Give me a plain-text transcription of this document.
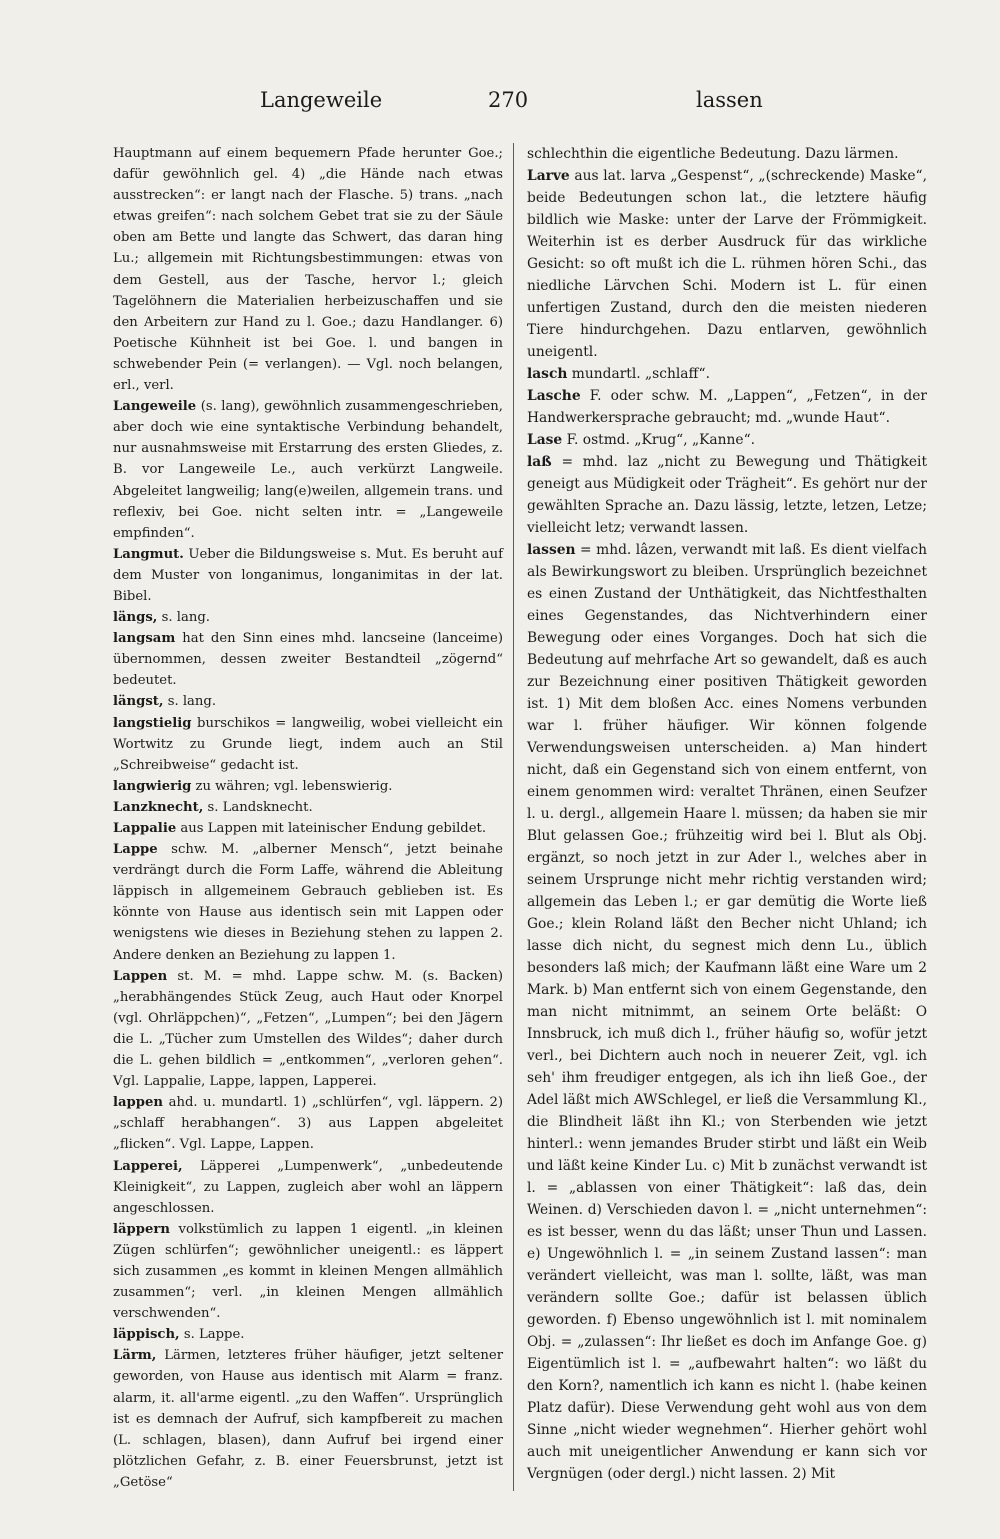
Langeweile	270	lassen

Hauptmann auf einem bequemern Pfade herunter Goe.; dafür gewöhnlich gel. 4) „die Hände nach etwas ausstrecken“: er langt nach der Flasche. 5) trans. „nach etwas greifen“: nach solchem Gebet trat sie zu der Säule oben am Bette und langte das Schwert, das daran hing Lu.; allgemein mit Richtungsbestimmungen: etwas von dem Gestell, aus der Tasche, hervor l.; gleich Tagelöhnern die Materialien herbeizuschaffen und sie den Arbeitern zur Hand zu l. Goe.; dazu Handlanger. 6) Poetische Kühnheit ist bei Goe. l. und bangen in schwebender Pein (= verlangen). — Vgl. noch belangen, erl., verl.

Langeweile (s. lang), gewöhnlich zusammengeschrieben, aber doch wie eine syntaktische Verbindung behandelt, nur ausnahmsweise mit Erstarrung des ersten Gliedes, z. B. vor Langeweile Le., auch verkürzt Langweile. Abgeleitet langweilig; lang(e)weilen, allgemein trans. und reflexiv, bei Goe. nicht selten intr. = „Langeweile empfinden“.

Langmut. Ueber die Bildungsweise s. Mut. Es beruht auf dem Muster von longanimus, longanimitas in der lat. Bibel.

längs, s. lang.

langsam hat den Sinn eines mhd. lancseine (lanceime) übernommen, dessen zweiter Bestandteil „zögernd“ bedeutet.

längst, s. lang.

langstielig burschikos = langweilig, wobei vielleicht ein Wortwitz zu Grunde liegt, indem auch an Stil „Schreibweise“ gedacht ist.

langwierig zu währen; vgl. lebenswierig.

Lanzknecht, s. Landsknecht.

Lappalie aus Lappen mit lateinischer Endung gebildet.

Lappe schw. M. „alberner Mensch“, jetzt beinahe verdrängt durch die Form Laffe, während die Ableitung läppisch in allgemeinem Gebrauch geblieben ist. Es könnte von Hause aus identisch sein mit Lappen oder wenigstens wie dieses in Beziehung stehen zu lappen 2. Andere denken an Beziehung zu lappen 1.

Lappen st. M. = mhd. Lappe schw. M. (s. Backen) „herabhängendes Stück Zeug, auch Haut oder Knorpel (vgl. Ohrläppchen)“, „Fetzen“, „Lumpen“; bei den Jägern die L. „Tücher zum Umstellen des Wildes“; daher durch die L. gehen bildlich = „entkommen“, „verloren gehen“. Vgl. Lappalie, Lappe, lappen, Lapperei.

lappen ahd. u. mundartl. 1) „schlürfen“, vgl. läppern. 2) „schlaff herabhangen“. 3) aus Lappen abgeleitet „flicken“. Vgl. Lappe, Lappen.

Lapperei, Läpperei „Lumpenwerk“, „unbedeutende Kleinigkeit“, zu Lappen, zugleich aber wohl an läppern angeschlossen.

läppern volkstümlich zu lappen 1 eigentl. „in kleinen Zügen schlürfen“; gewöhnlicher uneigentl.: es läppert sich zusammen „es kommt in kleinen Mengen allmählich zusammen“; verl. „in kleinen Mengen allmählich verschwenden“.

läppisch, s. Lappe.

Lärm, Lärmen, letzteres früher häufiger, jetzt seltener geworden, von Hause aus identisch mit Alarm = franz. alarm, it. all'arme eigentl. „zu den Waffen“. Ursprünglich ist es demnach der Aufruf, sich kampfbereit zu machen (L. schlagen, blasen), dann Aufruf bei irgend einer plötzlichen Gefahr, z. B. einer Feuersbrunst, jetzt ist „Getöse“

schlechthin die eigentliche Bedeutung. Dazu lärmen.

Larve aus lat. larva „Gespenst“, „(schreckende) Maske“, beide Bedeutungen schon lat., die letztere häufig bildlich wie Maske: unter der Larve der Frömmigkeit. Weiterhin ist es derber Ausdruck für das wirkliche Gesicht: so oft mußt ich die L. rühmen hören Schi., das niedliche Lärvchen Schi. Modern ist L. für einen unfertigen Zustand, durch den die meisten niederen Tiere hindurchgehen. Dazu entlarven, gewöhnlich uneigentl.

lasch mundartl. „schlaff“.

Lasche F. oder schw. M. „Lappen“, „Fetzen“, in der Handwerkersprache gebraucht; md. „wunde Haut“.

Lase F. ostmd. „Krug“, „Kanne“.

laß = mhd. laz „nicht zu Bewegung und Thätigkeit geneigt aus Müdigkeit oder Trägheit“. Es gehört nur der gewählten Sprache an. Dazu lässig, letzte, letzen, Letze; vielleicht letz; verwandt lassen.

lassen = mhd. lâzen, verwandt mit laß. Es dient vielfach als Bewirkungswort zu bleiben. Ursprünglich bezeichnet es einen Zustand der Unthätigkeit, das Nichtfesthalten eines Gegenstandes, das Nichtverhindern einer Bewegung oder eines Vorganges. Doch hat sich die Bedeutung auf mehrfache Art so gewandelt, daß es auch zur Bezeichnung einer positiven Thätigkeit geworden ist. 1) Mit dem bloßen Acc. eines Nomens verbunden war l. früher häufiger. Wir können folgende Verwendungsweisen unterscheiden. a) Man hindert nicht, daß ein Gegenstand sich von einem entfernt, von einem genommen wird: veraltet Thränen, einen Seufzer l. u. dergl., allgemein Haare l. müssen; da haben sie mir Blut gelassen Goe.; frühzeitig wird bei l. Blut als Obj. ergänzt, so noch jetzt in zur Ader l., welches aber in seinem Ursprunge nicht mehr richtig verstanden wird; allgemein das Leben l.; er gar demütig die Worte ließ Goe.; klein Roland läßt den Becher nicht Uhland; ich lasse dich nicht, du segnest mich denn Lu., üblich besonders laß mich; der Kaufmann läßt eine Ware um 2 Mark. b) Man entfernt sich von einem Gegenstande, den man nicht mitnimmt, an seinem Orte beläßt: O Innsbruck, ich muß dich l., früher häufig so, wofür jetzt verl., bei Dichtern auch noch in neuerer Zeit, vgl. ich seh' ihm freudiger entgegen, als ich ihn ließ Goe., der Adel läßt mich AWSchlegel, er ließ die Versammlung Kl., die Blindheit läßt ihn Kl.; von Sterbenden wie jetzt hinterl.: wenn jemandes Bruder stirbt und läßt ein Weib und läßt keine Kinder Lu. c) Mit b zunächst verwandt ist l. = „ablassen von einer Thätigkeit“: laß das, dein Weinen. d) Verschieden davon l. = „nicht unternehmen“: es ist besser, wenn du das läßt; unser Thun und Lassen. e) Ungewöhnlich l. = „in seinem Zustand lassen“: man verändert vielleicht, was man l. sollte, läßt, was man verändern sollte Goe.; dafür ist belassen üblich geworden. f) Ebenso ungewöhnlich ist l. mit nominalem Obj. = „zulassen“: Ihr ließet es doch im Anfange Goe. g) Eigentümlich ist l. = „aufbewahrt halten“: wo läßt du den Korn?, namentlich ich kann es nicht l. (habe keinen Platz dafür). Diese Verwendung geht wohl aus von dem Sinne „nicht wieder wegnehmen“. Hierher gehört wohl auch mit uneigentlicher Anwendung er kann sich vor Vergnügen (oder dergl.) nicht lassen. 2) Mit
